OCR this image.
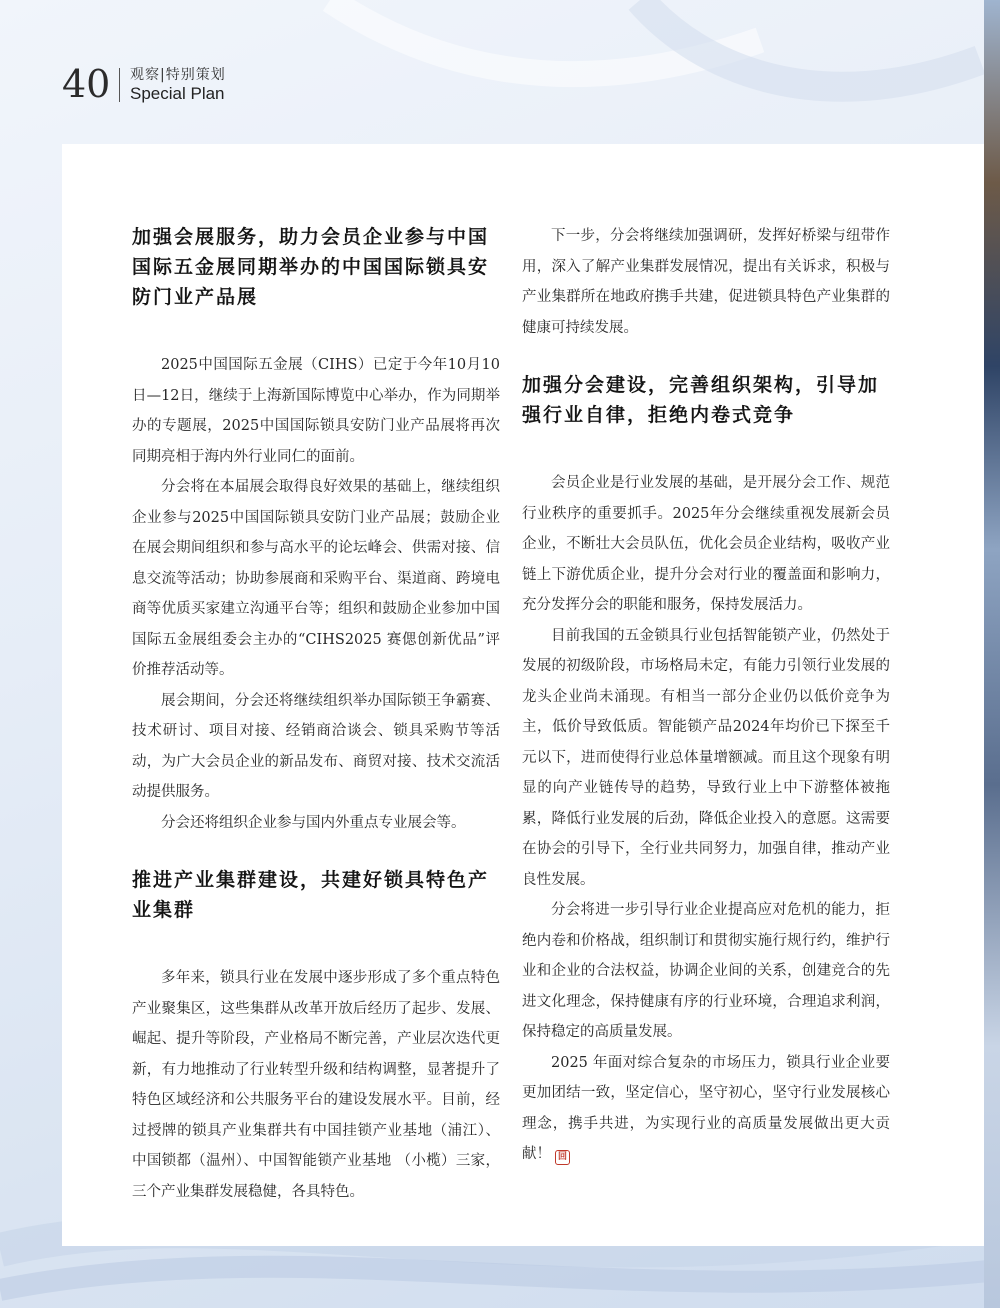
40 观察|特别策划
Special Plan
加强会展服务，助力会员企业参与中国国际五金展同期举办的中国国际锁具安防门业产品展

2025中国国际五金展（CIHS）已定于今年10月10日—12日，继续于上海新国际博览中心举办，作为同期举办的专题展，2025中国国际锁具安防门业产品展将再次同期亮相于海内外行业同仁的面前。

分会将在本届展会取得良好效果的基础上，继续组织企业参与2025中国国际锁具安防门业产品展；鼓励企业在展会期间组织和参与高水平的论坛峰会、供需对接、信息交流等活动；协助参展商和采购平台、渠道商、跨境电商等优质买家建立沟通平台等；组织和鼓励企业参加中国国际五金展组委会主办的“CIHS2025 赛偲创新优品”评价推荐活动等。

展会期间，分会还将继续组织举办国际锁王争霸赛、技术研讨、项目对接、经销商洽谈会、锁具采购节等活动，为广大会员企业的新品发布、商贸对接、技术交流活动提供服务。

分会还将组织企业参与国内外重点专业展会等。

推进产业集群建设，共建好锁具特色产业集群

多年来，锁具行业在发展中逐步形成了多个重点特色产业聚集区，这些集群从改革开放后经历了起步、发展、崛起、提升等阶段，产业格局不断完善，产业层次迭代更新，有力地推动了行业转型升级和结构调整，显著提升了特色区域经济和公共服务平台的建设发展水平。目前，经过授牌的锁具产业集群共有中国挂锁产业基地（浦江）、中国锁都（温州）、中国智能锁产业基地 （小榄）三家，三个产业集群发展稳健，各具特色。

下一步，分会将继续加强调研，发挥好桥梁与纽带作用，深入了解产业集群发展情况，提出有关诉求，积极与产业集群所在地政府携手共建，促进锁具特色产业集群的健康可持续发展。

加强分会建设，完善组织架构，引导加强行业自律，拒绝内卷式竞争

会员企业是行业发展的基础，是开展分会工作、规范行业秩序的重要抓手。2025年分会继续重视发展新会员企业，不断壮大会员队伍，优化会员企业结构，吸收产业链上下游优质企业，提升分会对行业的覆盖面和影响力，充分发挥分会的职能和服务，保持发展活力。

目前我国的五金锁具行业包括智能锁产业，仍然处于发展的初级阶段，市场格局未定，有能力引领行业发展的龙头企业尚未涌现。有相当一部分企业仍以低价竞争为主，低价导致低质。智能锁产品2024年均价已下探至千元以下，进而使得行业总体量增额减。而且这个现象有明显的向产业链传导的趋势，导致行业上中下游整体被拖累，降低行业发展的后劲，降低企业投入的意愿。这需要在协会的引导下，全行业共同努力，加强自律，推动产业良性发展。

分会将进一步引导行业企业提高应对危机的能力，拒绝内卷和价格战，组织制订和贯彻实施行规行约，维护行业和企业的合法权益，协调企业间的关系，创建竞合的先进文化理念，保持健康有序的行业环境，合理追求利润，保持稳定的高质量发展。

2025 年面对综合复杂的市场压力，锁具行业企业要更加团结一致，坚定信心，坚守初心，坚守行业发展核心理念，携手共进，为实现行业的高质量发展做出更大贡献！ 回
